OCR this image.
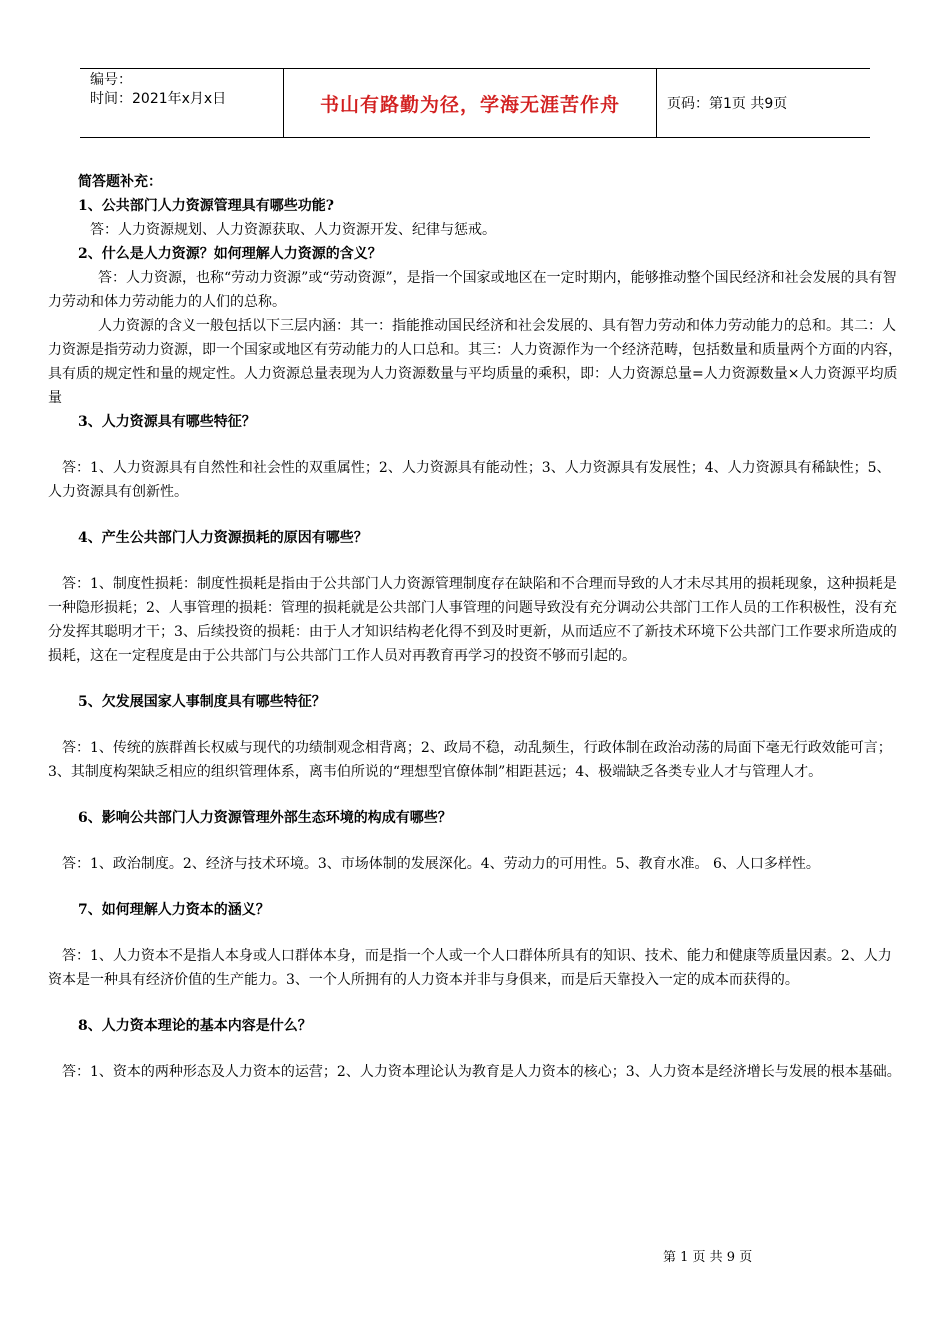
编号：
时间：2021年x月x日	书山有路勤为径，学海无涯苦作舟	页码：第1页 共9页

简答题补充：

1、公共部门人力资源管理具有哪些功能?

答：人力资源规划、人力资源获取、人力资源开发、纪律与惩戒。

2、什么是人力资源？如何理解人力资源的含义？

答：人力资源，也称“劳动力资源”或“劳动资源”，是指一个国家或地区在一定时期内，能够推动整个国民经济和社会发展的具有智力劳动和体力劳动能力的人们的总称。

人力资源的含义一般包括以下三层内涵：其一：指能推动国民经济和社会发展的、具有智力劳动和体力劳动能力的总和。其二：人力资源是指劳动力资源，即一个国家或地区有劳动能力的人口总和。其三：人力资源作为一个经济范畴，包括数量和质量两个方面的内容，具有质的规定性和量的规定性。人力资源总量表现为人力资源数量与平均质量的乘积，即：人力资源总量=人力资源数量×人力资源平均质量

3、人力资源具有哪些特征？

答：1、人力资源具有自然性和社会性的双重属性；2、人力资源具有能动性；3、人力资源具有发展性；4、人力资源具有稀缺性；5、人力资源具有创新性。

4、产生公共部门人力资源损耗的原因有哪些？

答：1、制度性损耗：制度性损耗是指由于公共部门人力资源管理制度存在缺陷和不合理而导致的人才未尽其用的损耗现象，这种损耗是一种隐形损耗；2、人事管理的损耗：管理的损耗就是公共部门人事管理的问题导致没有充分调动公共部门工作人员的工作积极性，没有充分发挥其聪明才干；3、后续投资的损耗：由于人才知识结构老化得不到及时更新，从而适应不了新技术环境下公共部门工作要求所造成的损耗，这在一定程度是由于公共部门与公共部门工作人员对再教育再学习的投资不够而引起的。

5、欠发展国家人事制度具有哪些特征？

答：1、传统的族群酋长权威与现代的功绩制观念相背离；2、政局不稳，动乱频生，行政体制在政治动荡的局面下毫无行政效能可言；3、其制度构架缺乏相应的组织管理体系，离韦伯所说的“理想型官僚体制”相距甚远；4、极端缺乏各类专业人才与管理人才。

6、影响公共部门人力资源管理外部生态环境的构成有哪些？

答：1、政治制度。2、经济与技术环境。3、市场体制的发展深化。4、劳动力的可用性。5、教育水准。 6、人口多样性。

7、如何理解人力资本的涵义？

答：1、人力资本不是指人本身或人口群体本身，而是指一个人或一个人口群体所具有的知识、技术、能力和健康等质量因素。2、人力资本是一种具有经济价值的生产能力。3、一个人所拥有的人力资本并非与身俱来，而是后天靠投入一定的成本而获得的。

8、人力资本理论的基本内容是什么？

答：1、资本的两种形态及人力资本的运营；2、人力资本理论认为教育是人力资本的核心；3、人力资本是经济增长与发展的根本基础。

第 1 页 共 9 页
